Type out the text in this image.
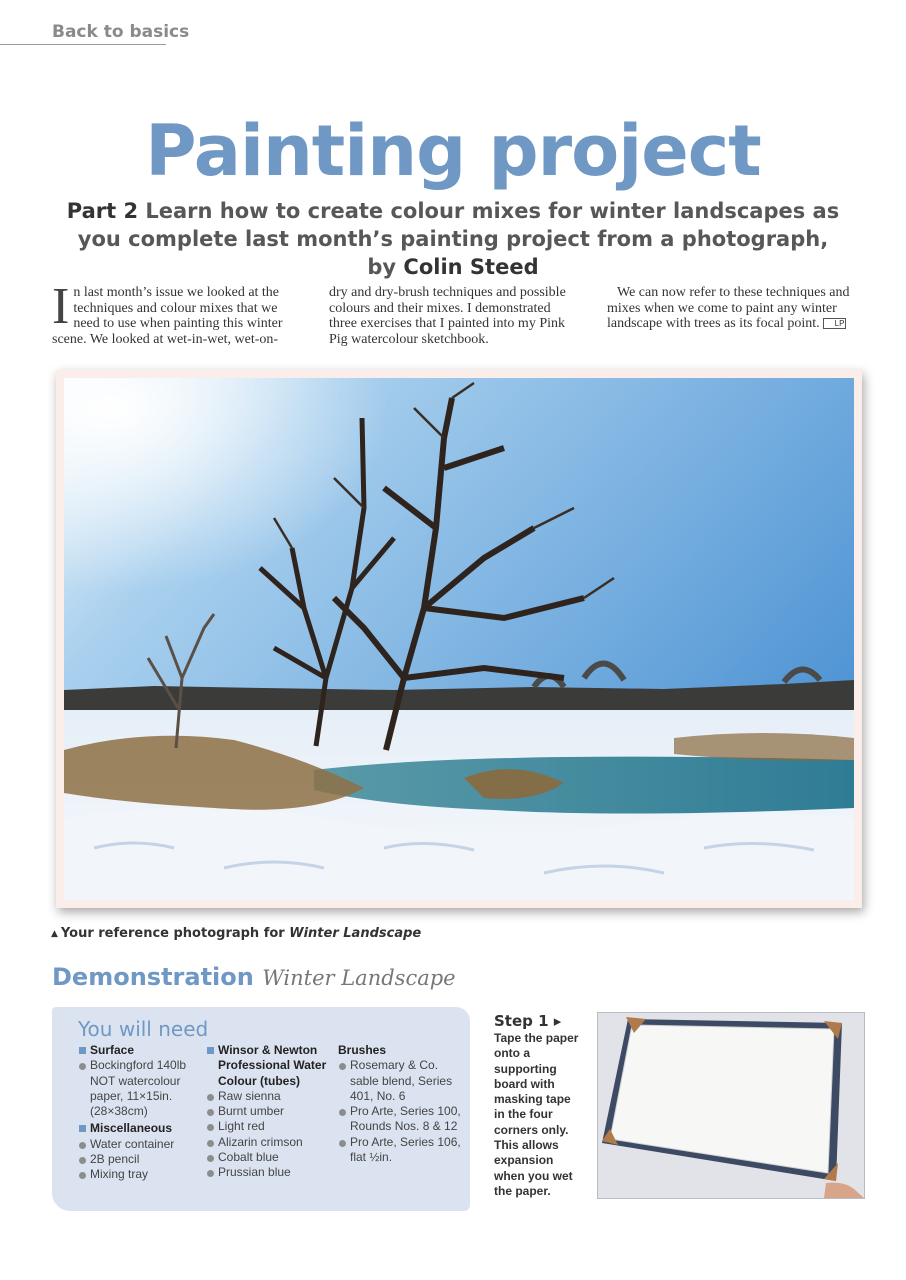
Back to basics
Painting project
Part 2 Learn how to create colour mixes for winter landscapes as you complete last month’s painting project from a photograph, by Colin Steed

In last month’s issue we looked at the techniques and colour mixes that we need to use when painting this winter scene. We looked at wet-in-wet, wet-on-

dry and dry-brush techniques and possible colours and their mixes. I demonstrated three exercises that I painted into my Pink Pig watercolour sketchbook.

We can now refer to these techniques and mixes when we come to paint any winter landscape with trees as its focal point. LP

▲ Your reference photograph for Winter Landscape
Demonstration Winter Landscape
You will need
Surface
Bockingford 140lb NOT watercolour paper, 11×15in. (28×38cm)
Miscellaneous
Water container
2B pencil
Mixing tray
Winsor & Newton Professional Water Colour (tubes)
Raw sienna
Burnt umber
Light red
Alizarin crimson
Cobalt blue
Prussian blue
Brushes
Rosemary & Co. sable blend, Series 401, No. 6
Pro Arte, Series 100, Rounds Nos. 8 & 12
Pro Arte, Series 106, flat ½in.
Step 1 ▸
Tape the paper onto a supporting board with masking tape in the four corners only. This allows expansion when you wet the paper.
